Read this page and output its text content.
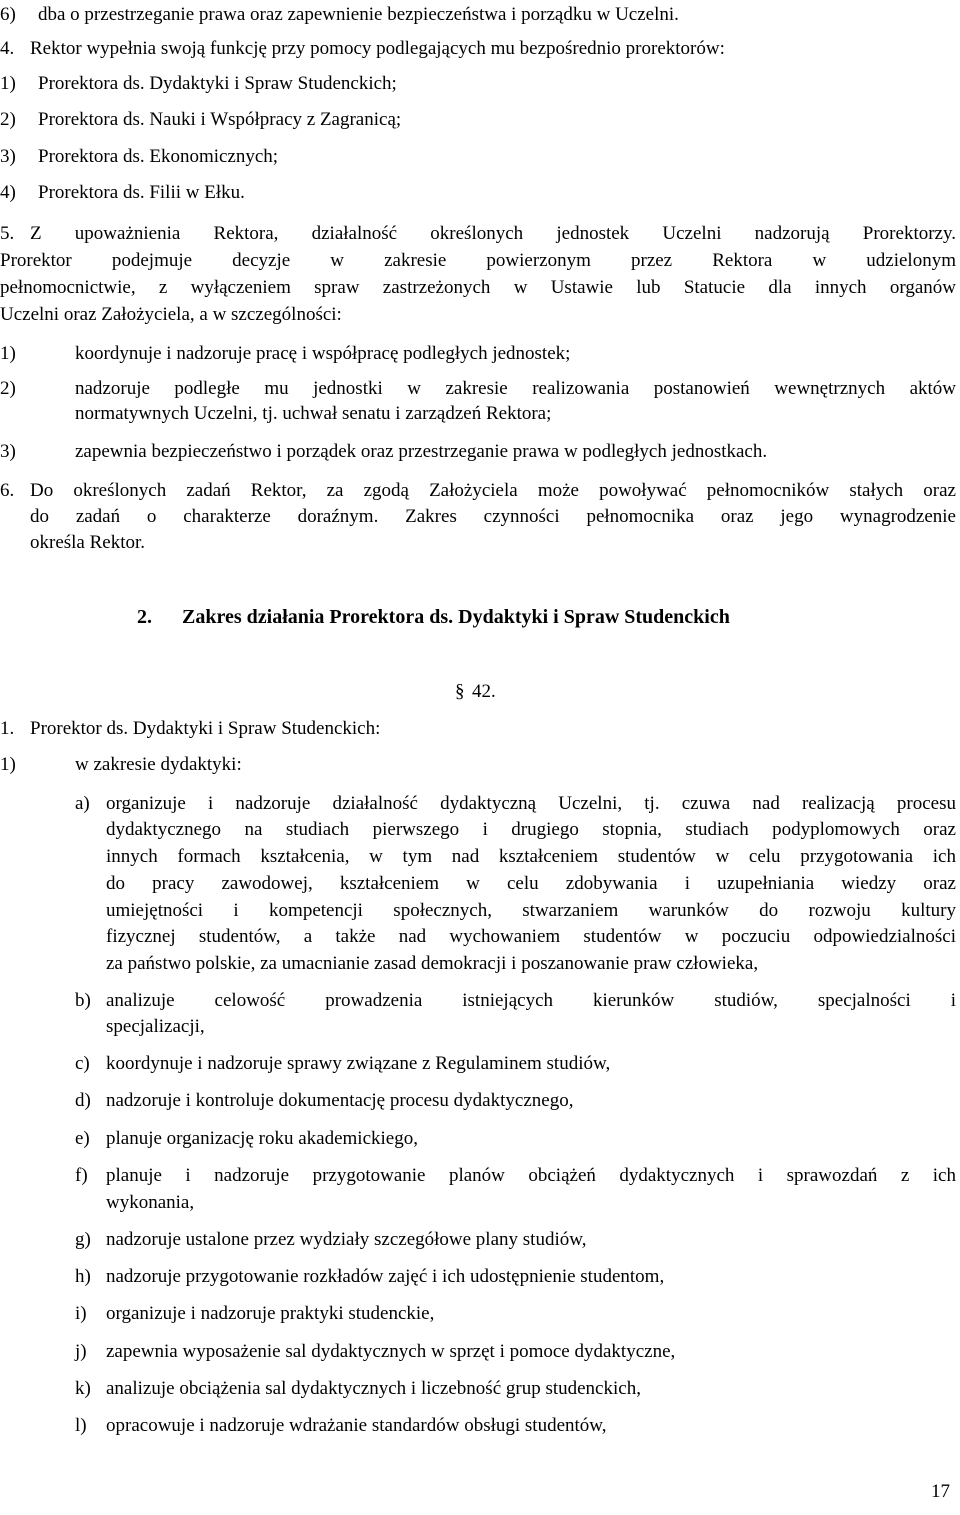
6) dba o przestrzeganie prawa oraz zapewnienie bezpieczeństwa i porządku w Uczelni.
4. Rektor wypełnia swoją funkcję przy pomocy podlegających mu bezpośrednio prorektorów:
1) Prorektora ds. Dydaktyki i Spraw Studenckich;
2) Prorektora ds. Nauki i Współpracy z Zagranicą;
3) Prorektora ds. Ekonomicznych;
4) Prorektora ds. Filii w Ełku.
5. Z upoważnienia Rektora, działalność określonych jednostek Uczelni nadzorują Prorektorzy.
Prorektor podejmuje decyzje w zakresie powierzonym przez Rektora w udzielonym
pełnomocnictwie, z wyłączeniem spraw zastrzeżonych w Ustawie lub Statucie dla innych organów
Uczelni oraz Założyciela, a w szczególności:
1)	koordynuje i nadzoruje pracę i współpracę podległych jednostek;
2)	nadzoruje podległe mu jednostki w zakresie realizowania postanowień wewnętrznych aktów
normatywnych Uczelni, tj. uchwał senatu i zarządzeń Rektora;
3)	zapewnia bezpieczeństwo i porządek oraz przestrzeganie prawa w podległych jednostkach.
6. Do określonych zadań Rektor, za zgodą Założyciela może powoływać pełnomocników stałych oraz
do zadań o charakterze doraźnym. Zakres czynności pełnomocnika oraz jego wynagrodzenie
określa Rektor.
2. Zakres działania Prorektora ds. Dydaktyki i Spraw Studenckich
§ 42.
1. Prorektor ds. Dydaktyki i Spraw Studenckich:
1)	w zakresie dydaktyki:
a) organizuje i nadzoruje działalność dydaktyczną Uczelni, tj. czuwa nad realizacją procesu
dydaktycznego na studiach pierwszego i drugiego stopnia, studiach podyplomowych oraz
innych formach kształcenia, w tym nad kształceniem studentów w celu przygotowania ich
do pracy zawodowej, kształceniem w celu zdobywania i uzupełniania wiedzy oraz
umiejętności i kompetencji społecznych, stwarzaniem warunków do rozwoju kultury
fizycznej studentów, a także nad wychowaniem studentów w poczuciu odpowiedzialności
za państwo polskie, za umacnianie zasad demokracji i poszanowanie praw człowieka,
b) analizuje celowość prowadzenia istniejących kierunków studiów, specjalności i
specjalizacji,
c) koordynuje i nadzoruje sprawy związane z Regulaminem studiów,
d) nadzoruje i kontroluje dokumentację procesu dydaktycznego,
e) planuje organizację roku akademickiego,
f) planuje i nadzoruje przygotowanie planów obciążeń dydaktycznych i sprawozdań z ich
wykonania,
g) nadzoruje ustalone przez wydziały szczegółowe plany studiów,
h) nadzoruje przygotowanie rozkładów zajęć i ich udostępnienie studentom,
i) organizuje i nadzoruje praktyki studenckie,
j) zapewnia wyposażenie sal dydaktycznych w sprzęt i pomoce dydaktyczne,
k) analizuje obciążenia sal dydaktycznych i liczebność grup studenckich,
l) opracowuje i nadzoruje wdrażanie standardów obsługi studentów,
17
